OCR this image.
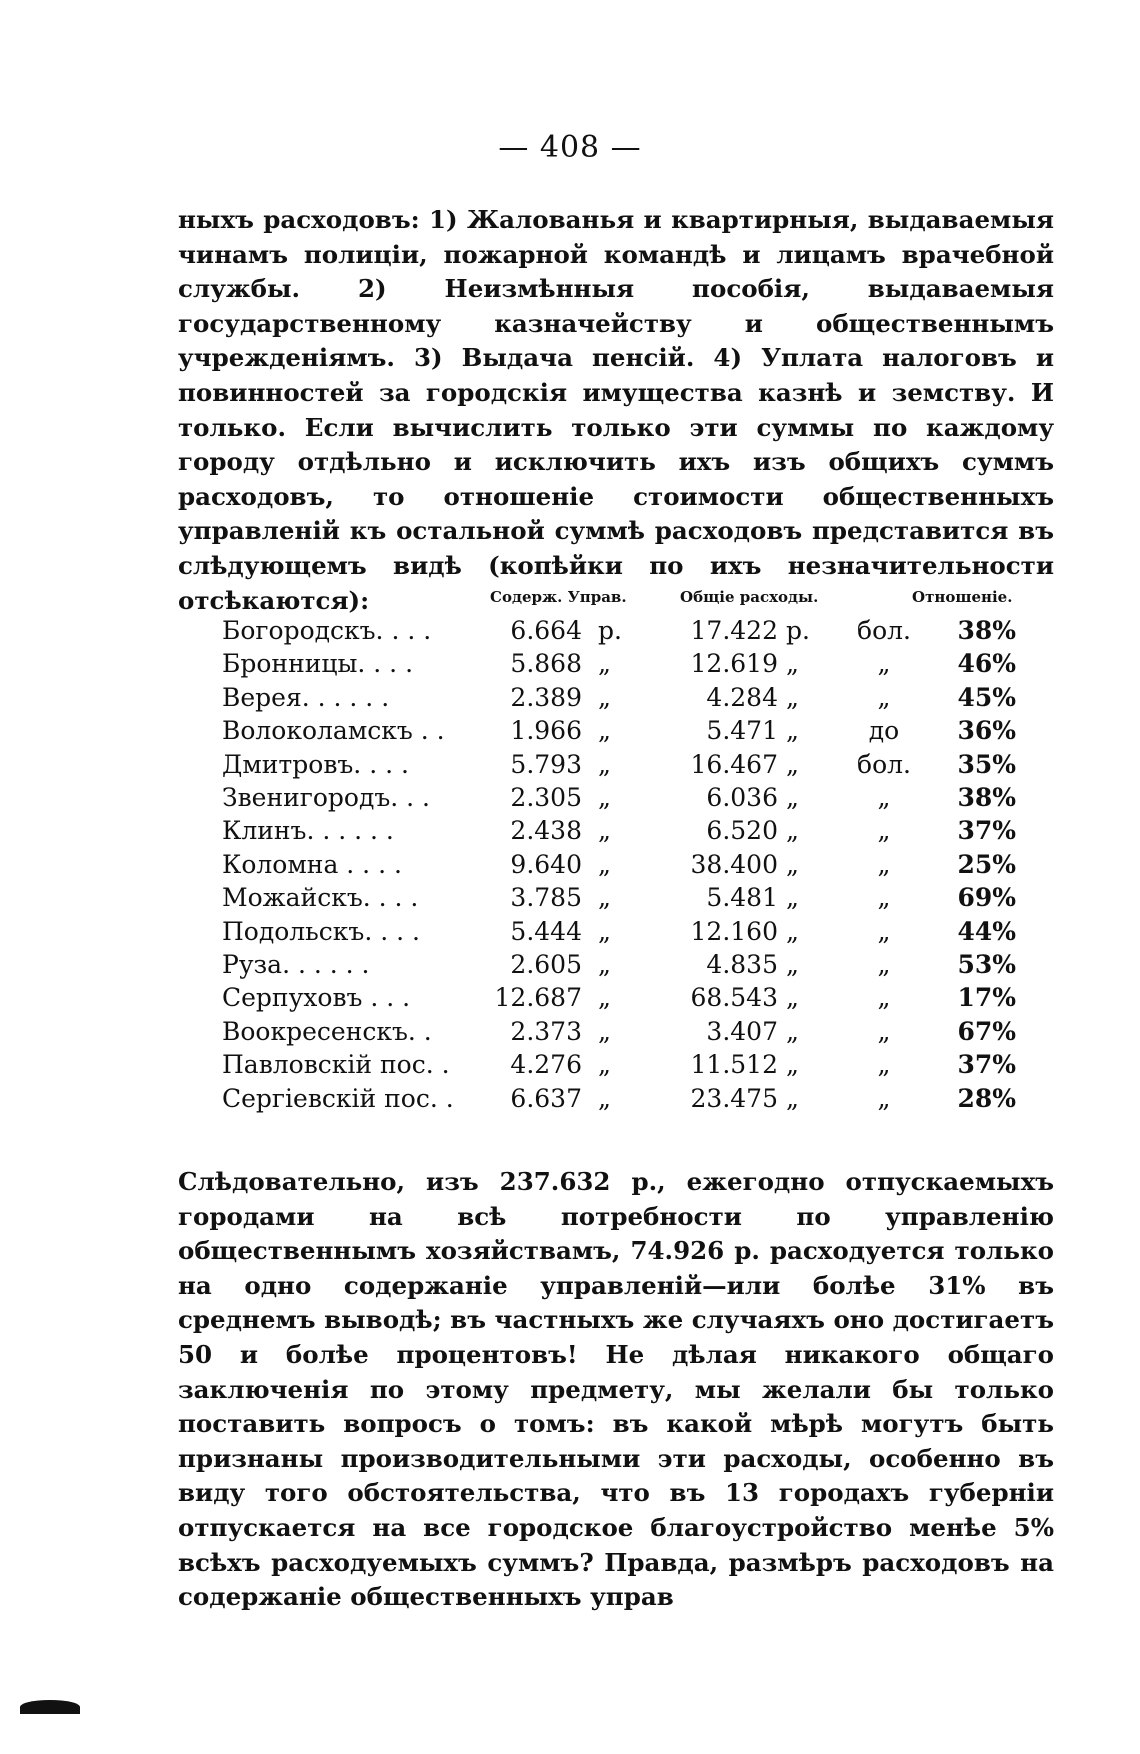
— 408 —

ныхъ расходовъ: 1) Жалованья и квартирныя, выдаваемыя чинамъ полиціи, пожарной командѣ и лицамъ врачебной службы. 2) Неизмѣнныя пособія, выдаваемыя государственному казначейству и общественнымъ учрежденіямъ. 3) Выдача пенсій. 4) Уплата налоговъ и повинностей за городскія имущества казнѣ и земству. И только. Если вычислить только эти суммы по каждому городу отдѣльно и исключить ихъ изъ общихъ суммъ расходовъ, то отношеніе стоимости общественныхъ управленій къ остальной суммѣ расходовъ представится въ слѣдующемъ видѣ (копѣйки по ихъ незначительности отсѣкаются):	Содерж. Управ.	Общіе расходы.	Отношеніе.
Богородскъ. . . .	6.664 р.	17.422 р.	бол.	38%
Бронницы. . . .	5.868 „	12.619 „	„	46%
Верея. . . . . .	2.389 „	4.284 „	„	45%
Волоколамскъ . .	1.966 „	5.471 „	до	36%
Дмитровъ. . . .	5.793 „	16.467 „	бол.	35%
Звенигородъ. . .	2.305 „	6.036 „	„	38%
Клинъ. . . . . .	2.438 „	6.520 „	„	37%
Коломна . . . .	9.640 „	38.400 „	„	25%
Можайскъ. . . .	3.785 „	5.481 „	„	69%
Подольскъ. . . .	5.444 „	12.160 „	„	44%
Руза. . . . . .	2.605 „	4.835 „	„	53%
Серпуховъ . . .	12.687 „	68.543 „	„	17%
Воокресенскъ. .	2.373 „	3.407 „	„	67%
Павловскій пос. .	4.276 „	11.512 „	„	37%
Сергіевскій пос. .	6.637 „	23.475 „	„	28%

Слѣдовательно, изъ 237.632 р., ежегодно отпускаемыхъ городами на всѣ потребности по управленію общественнымъ хозяйствамъ, 74.926 р. расходуется только на одно содержаніе управленій—или болѣе 31% въ среднемъ выводѣ; въ частныхъ же случаяхъ оно достигаетъ 50 и болѣе процентовъ! Не дѣлая никакого общаго заключенія по этому предмету, мы желали бы только поставить вопросъ о томъ: въ какой мѣрѣ могутъ быть признаны производительными эти расходы, особенно въ виду того обстоятельства, что въ 13 городахъ губерніи отпускается на все городское благоустройство менѣе 5% всѣхъ расходуемыхъ суммъ? Правда, размѣръ расходовъ на содержаніе общественныхъ управ
